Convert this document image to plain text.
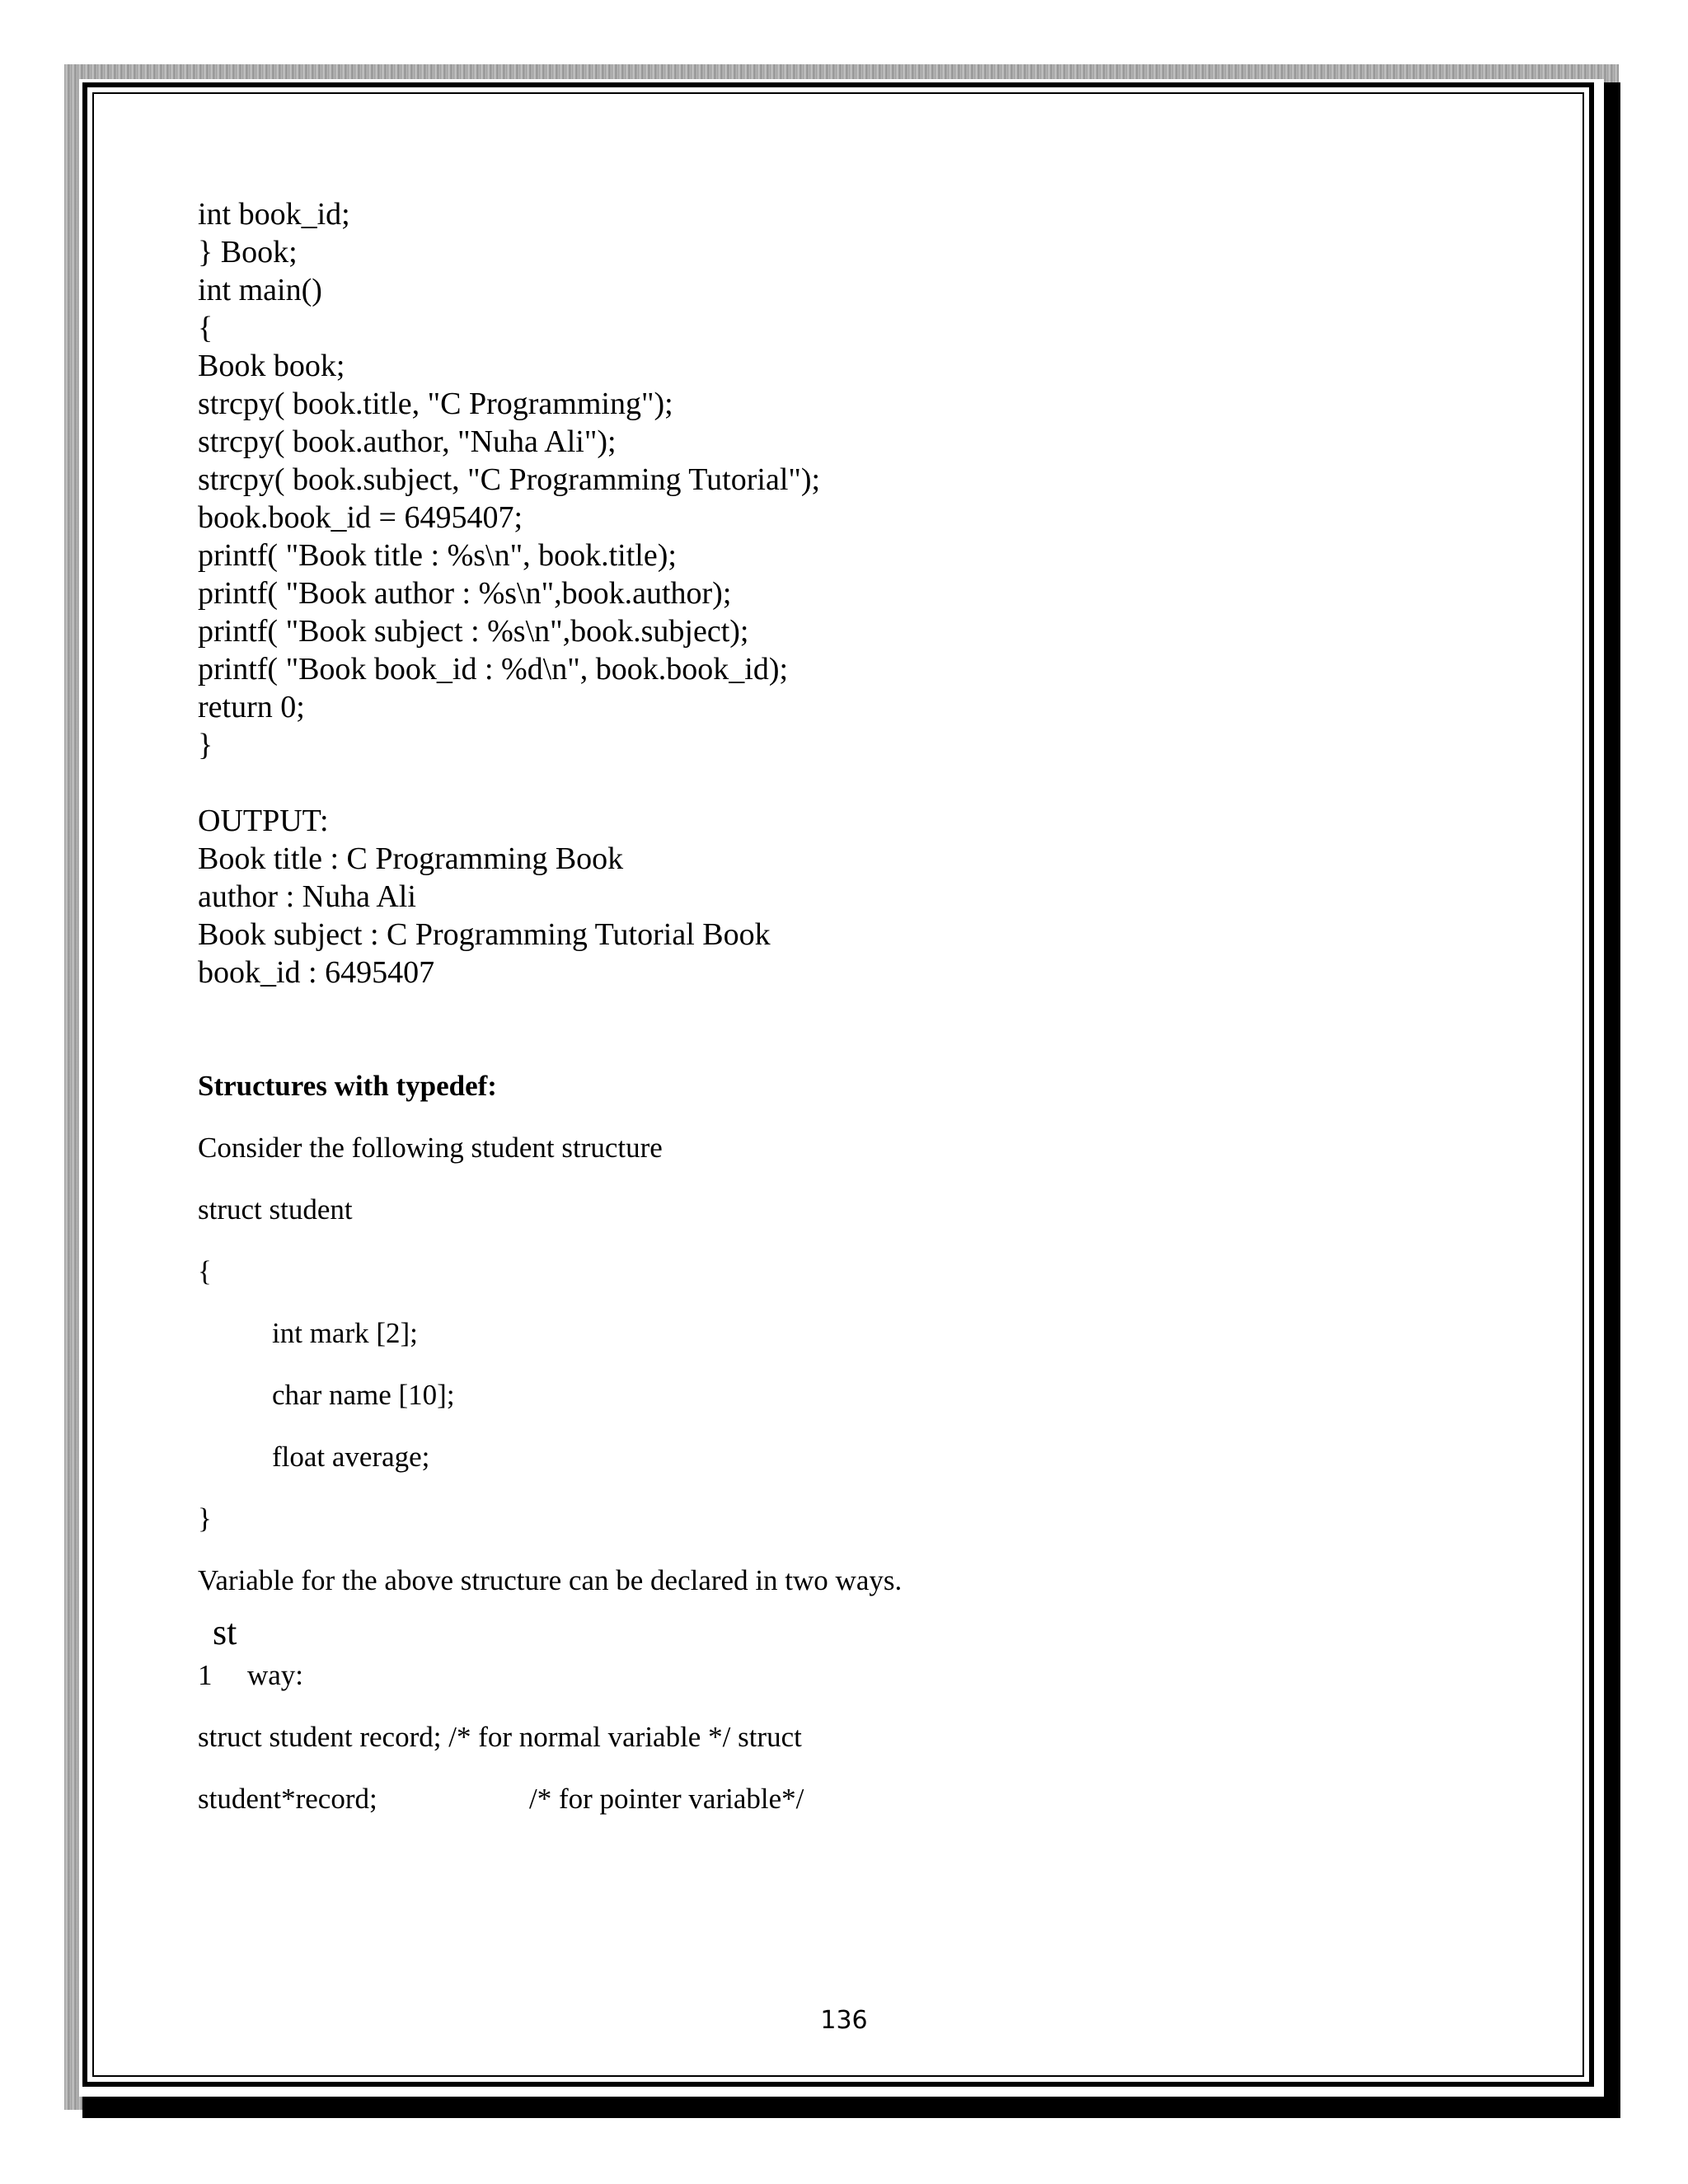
int book_id;

} Book;

int main()

{

Book book;

strcpy( book.title, "C Programming");

strcpy( book.author, "Nuha Ali");

strcpy( book.subject, "C Programming Tutorial");

book.book_id = 6495407;

printf( "Book title : %s\n", book.title);

printf( "Book author : %s\n",book.author);

printf( "Book subject : %s\n",book.subject);

printf( "Book book_id : %d\n", book.book_id);

return 0;

}

OUTPUT:

Book title : C Programming Book

author : Nuha Ali

Book subject : C Programming Tutorial Book

book_id : 6495407

Structures with typedef:

Consider the following student structure

struct student

{

int mark [2];

char name [10];

float average;

}

Variable for the above structure can be declared in two ways.

st

1 way:

struct student record; /* for normal variable */ struct

student*record;	/* for pointer variable*/

136
